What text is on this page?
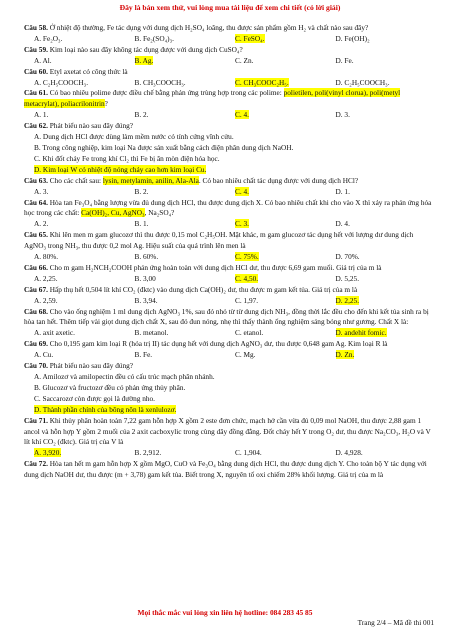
Đây là bản xem thử, vui lòng mua tài liệu để xem chi tiết (có lời giải)

Câu 58. Ở nhiệt độ thường, Fe tác dụng với dung dịch H₂SO₄ loãng, thu được sản phẩm gồm H₂ và chất nào sau đây?

A. Fe₂O₃.	B. Fe₂(SO₄)₃.	C. FeSO₄.	D. Fe(OH)₂

Câu 59. Kim loại nào sau đây không tác dụng được với dung dịch CuSO₄?

A. Al.	B. Ag.	C. Zn.	D. Fe.

Câu 60. Etyl axetat có công thức là

A. C₂H₅COOCH₃.	B. CH₃COOCH₃.	C. CH₃COOC₂H₅.	D. C₂H₅COOCH₃.

Câu 61. Có bao nhiêu polime được điều chế bằng phản ứng trùng hợp trong các polime: polietilen, poli(vinyl clorua), poli(metyl metacrylat), poliacrilonitrin?

A. 1.	B. 2.	C. 4.	D. 3.

Câu 62. Phát biểu nào sau đây đúng?

A. Dung dịch HCl được dùng làm mềm nước có tính cứng vĩnh cửu.

B. Trong công nghiệp, kim loại Na được sản xuất bằng cách điện phân dung dịch NaOH.

C. Khi đốt cháy Fe trong khí Cl₂ thì Fe bị ăn mòn điện hóa học.

D. Kim loại W có nhiệt độ nóng chảy cao hơn kim loại Cu.

Câu 63. Cho các chất sau: lysin, metylamin, anilin, Ala-Ala. Có bao nhiêu chất tác dụng được với dung dịch HCl?

A. 3.	B. 2.	C. 4.	D. 1.

Câu 64. Hòa tan Fe₃O₄ bằng lượng vừa đủ dung dịch HCl, thu được dung dịch X. Có bao nhiêu chất khi cho vào X thì xảy ra phản ứng hóa học trong các chất: Ca(OH)₂, Cu, AgNO₃, Na₂SO₄?

A. 2.	B. 1.	C. 3.	D. 4.

Câu 65. Khi lên men m gam glucozơ thì thu được 0,15 mol C₂H₅OH. Mặt khác, m gam glucozơ tác dụng hết với lượng dư dung dịch AgNO₃ trong NH₃, thu được 0,2 mol Ag. Hiệu suất của quá trình lên men là

A. 80%.	B. 60%.	C. 75%.	D. 70%.

Câu 66. Cho m gam H₂NCH₂COOH phản ứng hoàn toàn với dung dịch HCl dư, thu được 6,69 gam muối. Giá trị của m là

A. 2,25.	B. 3,00	C. 4,50.	D. 5,25.

Câu 67. Hấp thụ hết 0,504 lít khí CO₂ (đktc) vào dung dịch Ca(OH)₂ dư, thu được m gam kết tủa. Giá trị của m là

A. 2,59.	B. 3,94.	C. 1,97.	D. 2,25.

Câu 68. Cho vào ống nghiệm 1 ml dung dịch AgNO₃ 1%, sau đó nhỏ từ từ dung dịch NH₃, đồng thời lắc đều cho đến khi kết tủa sinh ra bị hòa tan hết. Thêm tiếp vài giọt dung dịch chất X, sau đó đun nóng, nhẹ thì thấy thành ống nghiệm sáng bóng như gương. Chất X là:

A. axit axetic.	B. metanol.	C. etanol.	D. andehit fomic.

Câu 69. Cho 0,195 gam kim loại R (hóa trị II) tác dụng hết với dung dịch AgNO₃ dư, thu được 0,648 gam Ag. Kim loại R là

A. Cu.	B. Fe.	C. Mg.	D. Zn.

Câu 70. Phát biểu nào sau đây đúng?

A. Amilozơ và amilopectin đều có cấu trúc mạch phân nhánh.

B. Glucozơ và fructozơ đều có phản ứng thủy phân.

C. Saccarozơ còn được gọi là đường nho.

D. Thành phần chính của bông nõn là xenlulozơ.

Câu 71. Khi thủy phân hoàn toàn 7,22 gam hỗn hợp X gồm 2 este đơn chức, mạch hở cần vừa đủ 0,09 mol NaOH, thu được 2,88 gam 1 ancol và hỗn hợp Y gồm 2 muối của 2 axit cacboxylic trong cùng dãy đồng đẳng. Đốt cháy hết Y trong O₂ dư, thu được Na₂CO₃, H₂O và V lít khí CO₂ (đktc). Giá trị của V là

A. 3,920.	B. 2,912.	C. 1,904.	D. 4,928.

Câu 72. Hòa tan hết m gam hỗn hợp X gồm MgO, CuO và Fe₃O₄ bằng dung dịch HCl, thu được dung dịch Y. Cho toàn bộ Y tác dụng với dung dịch NaOH dư, thu được (m + 3,78) gam kết tủa. Biết trong X, nguyên tố oxi chiếm 28% khối lượng. Giá trị của m là

Mọi thắc mắc vui lòng xin liên hệ hotline: 084 283 45 85
Trang 2/4 – Mã đề thi 001
